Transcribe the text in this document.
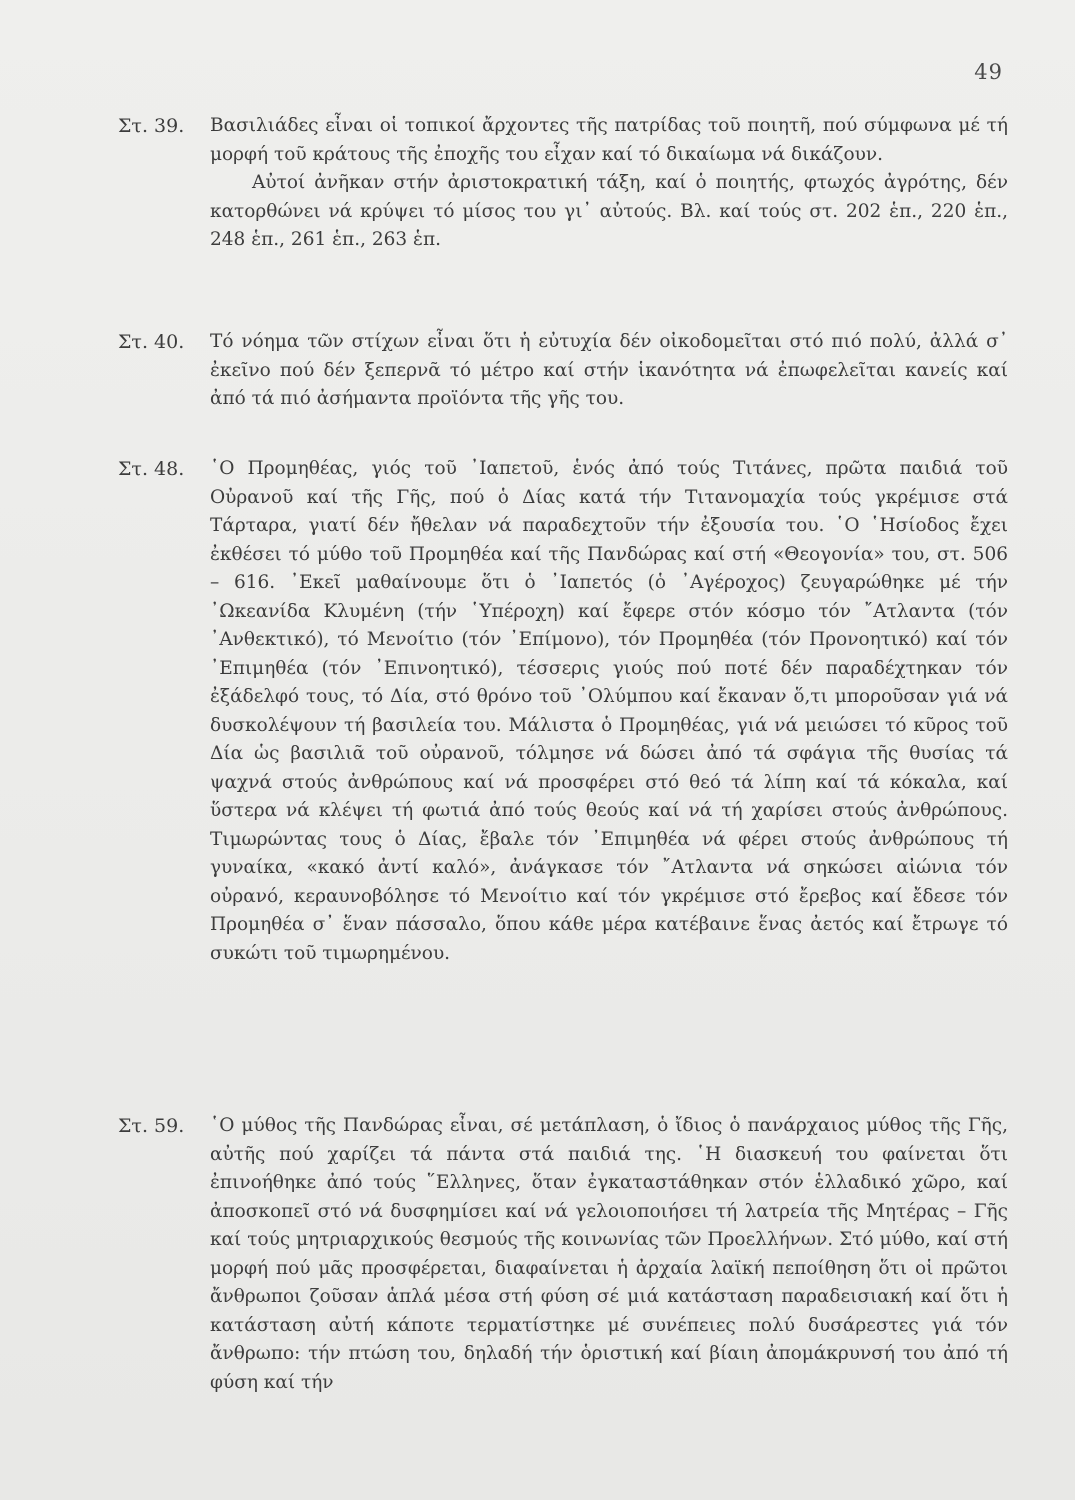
49
Στ. 39. Βασιλιάδες εἶναι οἱ τοπικοί ἄρχοντες τῆς πατρίδας τοῦ ποιητῆ, πού σύμφωνα μέ τή μορφή τοῦ κράτους τῆς ἐποχῆς του εἶχαν καί τό δικαίωμα νά δικάζουν.

Αὐτοί ἀνῆκαν στήν ἀριστοκρατική τάξη, καί ὁ ποιητής, φτωχός ἀγρότης, δέν κατορθώνει νά κρύψει τό μίσος του γι᾽ αὐτούς. Βλ. καί τούς στ. 202 ἑπ., 220 ἑπ., 248 ἑπ., 261 ἑπ., 263 ἑπ.

Στ. 40. Τό νόημα τῶν στίχων εἶναι ὅτι ἡ εὐτυχία δέν οἰκοδομεῖται στό πιό πολύ, ἀλλά σ᾽ ἐκεῖνο πού δέν ξεπερνᾶ τό μέτρο καί στήν ἱκανότητα νά ἐπωφελεῖται κανείς καί ἀπό τά πιό ἀσήμαντα προϊόντα τῆς γῆς του.

Στ. 48. ῾Ο Προμηθέας, γιός τοῦ ᾽Ιαπετοῦ, ἑνός ἀπό τούς Τιτάνες, πρῶτα παιδιά τοῦ Οὐρανοῦ καί τῆς Γῆς, πού ὁ Δίας κατά τήν Τιτανομαχία τούς γκρέμισε στά Τάρταρα, γιατί δέν ἤθελαν νά παραδεχτοῦν τήν ἐξουσία του. ῾Ο ῾Ησίοδος ἔχει ἐκθέσει τό μύθο τοῦ Προμηθέα καί τῆς Πανδώρας καί στή «Θεογονία» του, στ. 506 – 616. ᾽Εκεῖ μαθαίνουμε ὅτι ὁ ᾽Ιαπετός (ὁ ᾽Αγέροχος) ζευγαρώθηκε μέ τήν ᾽Ωκεανίδα Κλυμένη (τήν ῾Υπέροχη) καί ἔφερε στόν κόσμο τόν ῎Ατλαντα (τόν ᾽Ανθεκτικό), τό Μενοίτιο (τόν ᾽Επίμονο), τόν Προμηθέα (τόν Προνοητικό) καί τόν ᾽Επιμηθέα (τόν ᾽Επινοητικό), τέσσερις γιούς πού ποτέ δέν παραδέχτηκαν τόν ἐξάδελφό τους, τό Δία, στό θρόνο τοῦ ᾽Ολύμπου καί ἔκαναν ὅ,τι μποροῦσαν γιά νά δυσκολέψουν τή βασιλεία του. Μάλιστα ὁ Προμηθέας, γιά νά μειώσει τό κῦρος τοῦ Δία ὡς βασιλιᾶ τοῦ οὐρανοῦ, τόλμησε νά δώσει ἀπό τά σφάγια τῆς θυσίας τά ψαχνά στούς ἀνθρώπους καί νά προσφέρει στό θεό τά λίπη καί τά κόκαλα, καί ὕστερα νά κλέψει τή φωτιά ἀπό τούς θεούς καί νά τή χαρίσει στούς ἀνθρώπους. Τιμωρώντας τους ὁ Δίας, ἔβαλε τόν ᾽Επιμηθέα νά φέρει στούς ἀνθρώπους τή γυναίκα, «κακό ἀντί καλό», ἀνάγκασε τόν ῎Ατλαντα νά σηκώσει αἰώνια τόν οὐρανό, κεραυνοβόλησε τό Μενοίτιο καί τόν γκρέμισε στό ἔρεβος καί ἔδεσε τόν Προμηθέα σ᾽ ἕναν πάσσαλο, ὅπου κάθε μέρα κατέβαινε ἕνας ἀετός καί ἔτρωγε τό συκώτι τοῦ τιμωρημένου.

Στ. 59. ῾Ο μύθος τῆς Πανδώρας εἶναι, σέ μετάπλαση, ὁ ἴδιος ὁ πανάρχαιος μύθος τῆς Γῆς, αὐτῆς πού χαρίζει τά πάντα στά παιδιά της. ῾Η διασκευή του φαίνεται ὅτι ἐπινοήθηκε ἀπό τούς ῞Ελληνες, ὅταν ἐγκαταστάθηκαν στόν ἑλλαδικό χῶρο, καί ἀποσκοπεῖ στό νά δυσφημίσει καί νά γελοιοποιήσει τή λατρεία τῆς Μητέρας – Γῆς καί τούς μητριαρχικούς θεσμούς τῆς κοινωνίας τῶν Προελλήνων. Στό μύθο, καί στή μορφή πού μᾶς προσφέρεται, διαφαίνεται ἡ ἀρχαία λαϊκή πεποίθηση ὅτι οἱ πρῶτοι ἄνθρωποι ζοῦσαν ἁπλά μέσα στή φύση σέ μιά κατάσταση παραδεισιακή καί ὅτι ἡ κατάσταση αὐτή κάποτε τερματίστηκε μέ συνέπειες πολύ δυσάρεστες γιά τόν ἄνθρωπο: τήν πτώση του, δηλαδή τήν ὁριστική καί βίαιη ἀπομάκρυνσή του ἀπό τή φύση καί τήν
